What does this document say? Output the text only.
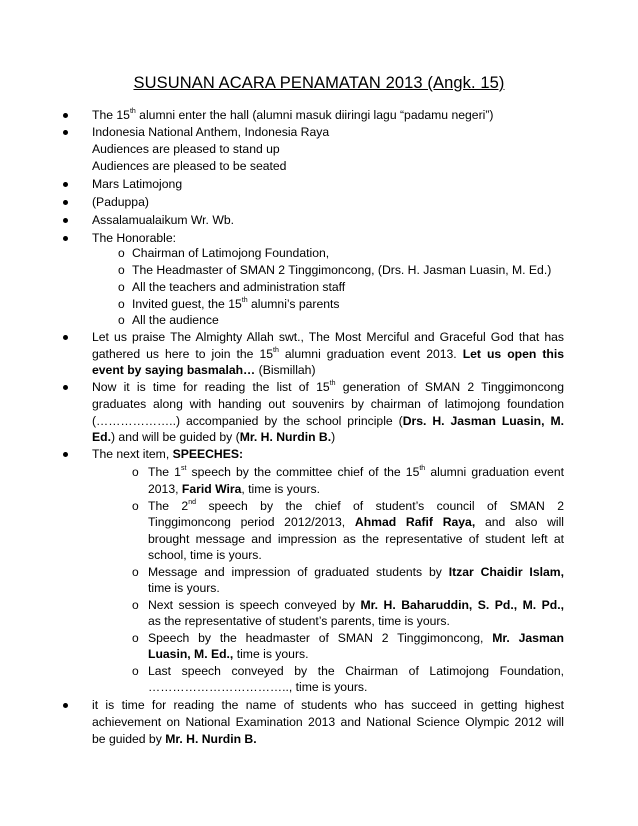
SUSUNAN ACARA PENAMATAN 2013 (Angk. 15)
The 15th alumni enter the hall (alumni masuk diiringi lagu “padamu negeri”)
Indonesia National Anthem, Indonesia Raya
Audiences are pleased to stand up
Audiences are pleased to be seated
Mars Latimojong
(Paduppa)
Assalamualaikum Wr. Wb.
The Honorable:
o Chairman of Latimojong Foundation,
o The Headmaster of SMAN 2 Tinggimoncong, (Drs. H. Jasman Luasin, M. Ed.)
o All the teachers and administration staff
o Invited guest, the 15th alumni’s parents
o All the audience
Let us praise The Almighty Allah swt., The Most Merciful and Graceful God that has
gathered us here to join the 15th alumni graduation event 2013. Let us open this
event by saying basmalah… (Bismillah)
Now it is time for reading the list of 15th generation of SMAN 2 Tinggimoncong
graduates along with handing out souvenirs by chairman of latimojong foundation
(………………..) accompanied by the school principle (Drs. H. Jasman Luasin, M.
Ed.) and will be guided by (Mr. H. Nurdin B.)
The next item, SPEECHES:
o The 1st speech by the committee chief of the 15th alumni graduation event
2013, Farid Wira, time is yours.
o The 2nd speech by the chief of student’s council of SMAN 2
Tinggimoncong period 2012/2013, Ahmad Rafif Raya, and also will
brought message and impression as the representative of student left at
school, time is yours.
o Message and impression of graduated students by Itzar Chaidir Islam,
time is yours.
o Next session is speech conveyed by Mr. H. Baharuddin, S. Pd., M. Pd.,
as the representative of student’s parents, time is yours.
o Speech by the headmaster of SMAN 2 Tinggimoncong, Mr. Jasman
Luasin, M. Ed., time is yours.
o Last speech conveyed by the Chairman of Latimojong Foundation,
…………………………….., time is yours.
it is time for reading the name of students who has succeed in getting highest
achievement on National Examination 2013 and National Science Olympic 2012 will
be guided by Mr. H. Nurdin B.
